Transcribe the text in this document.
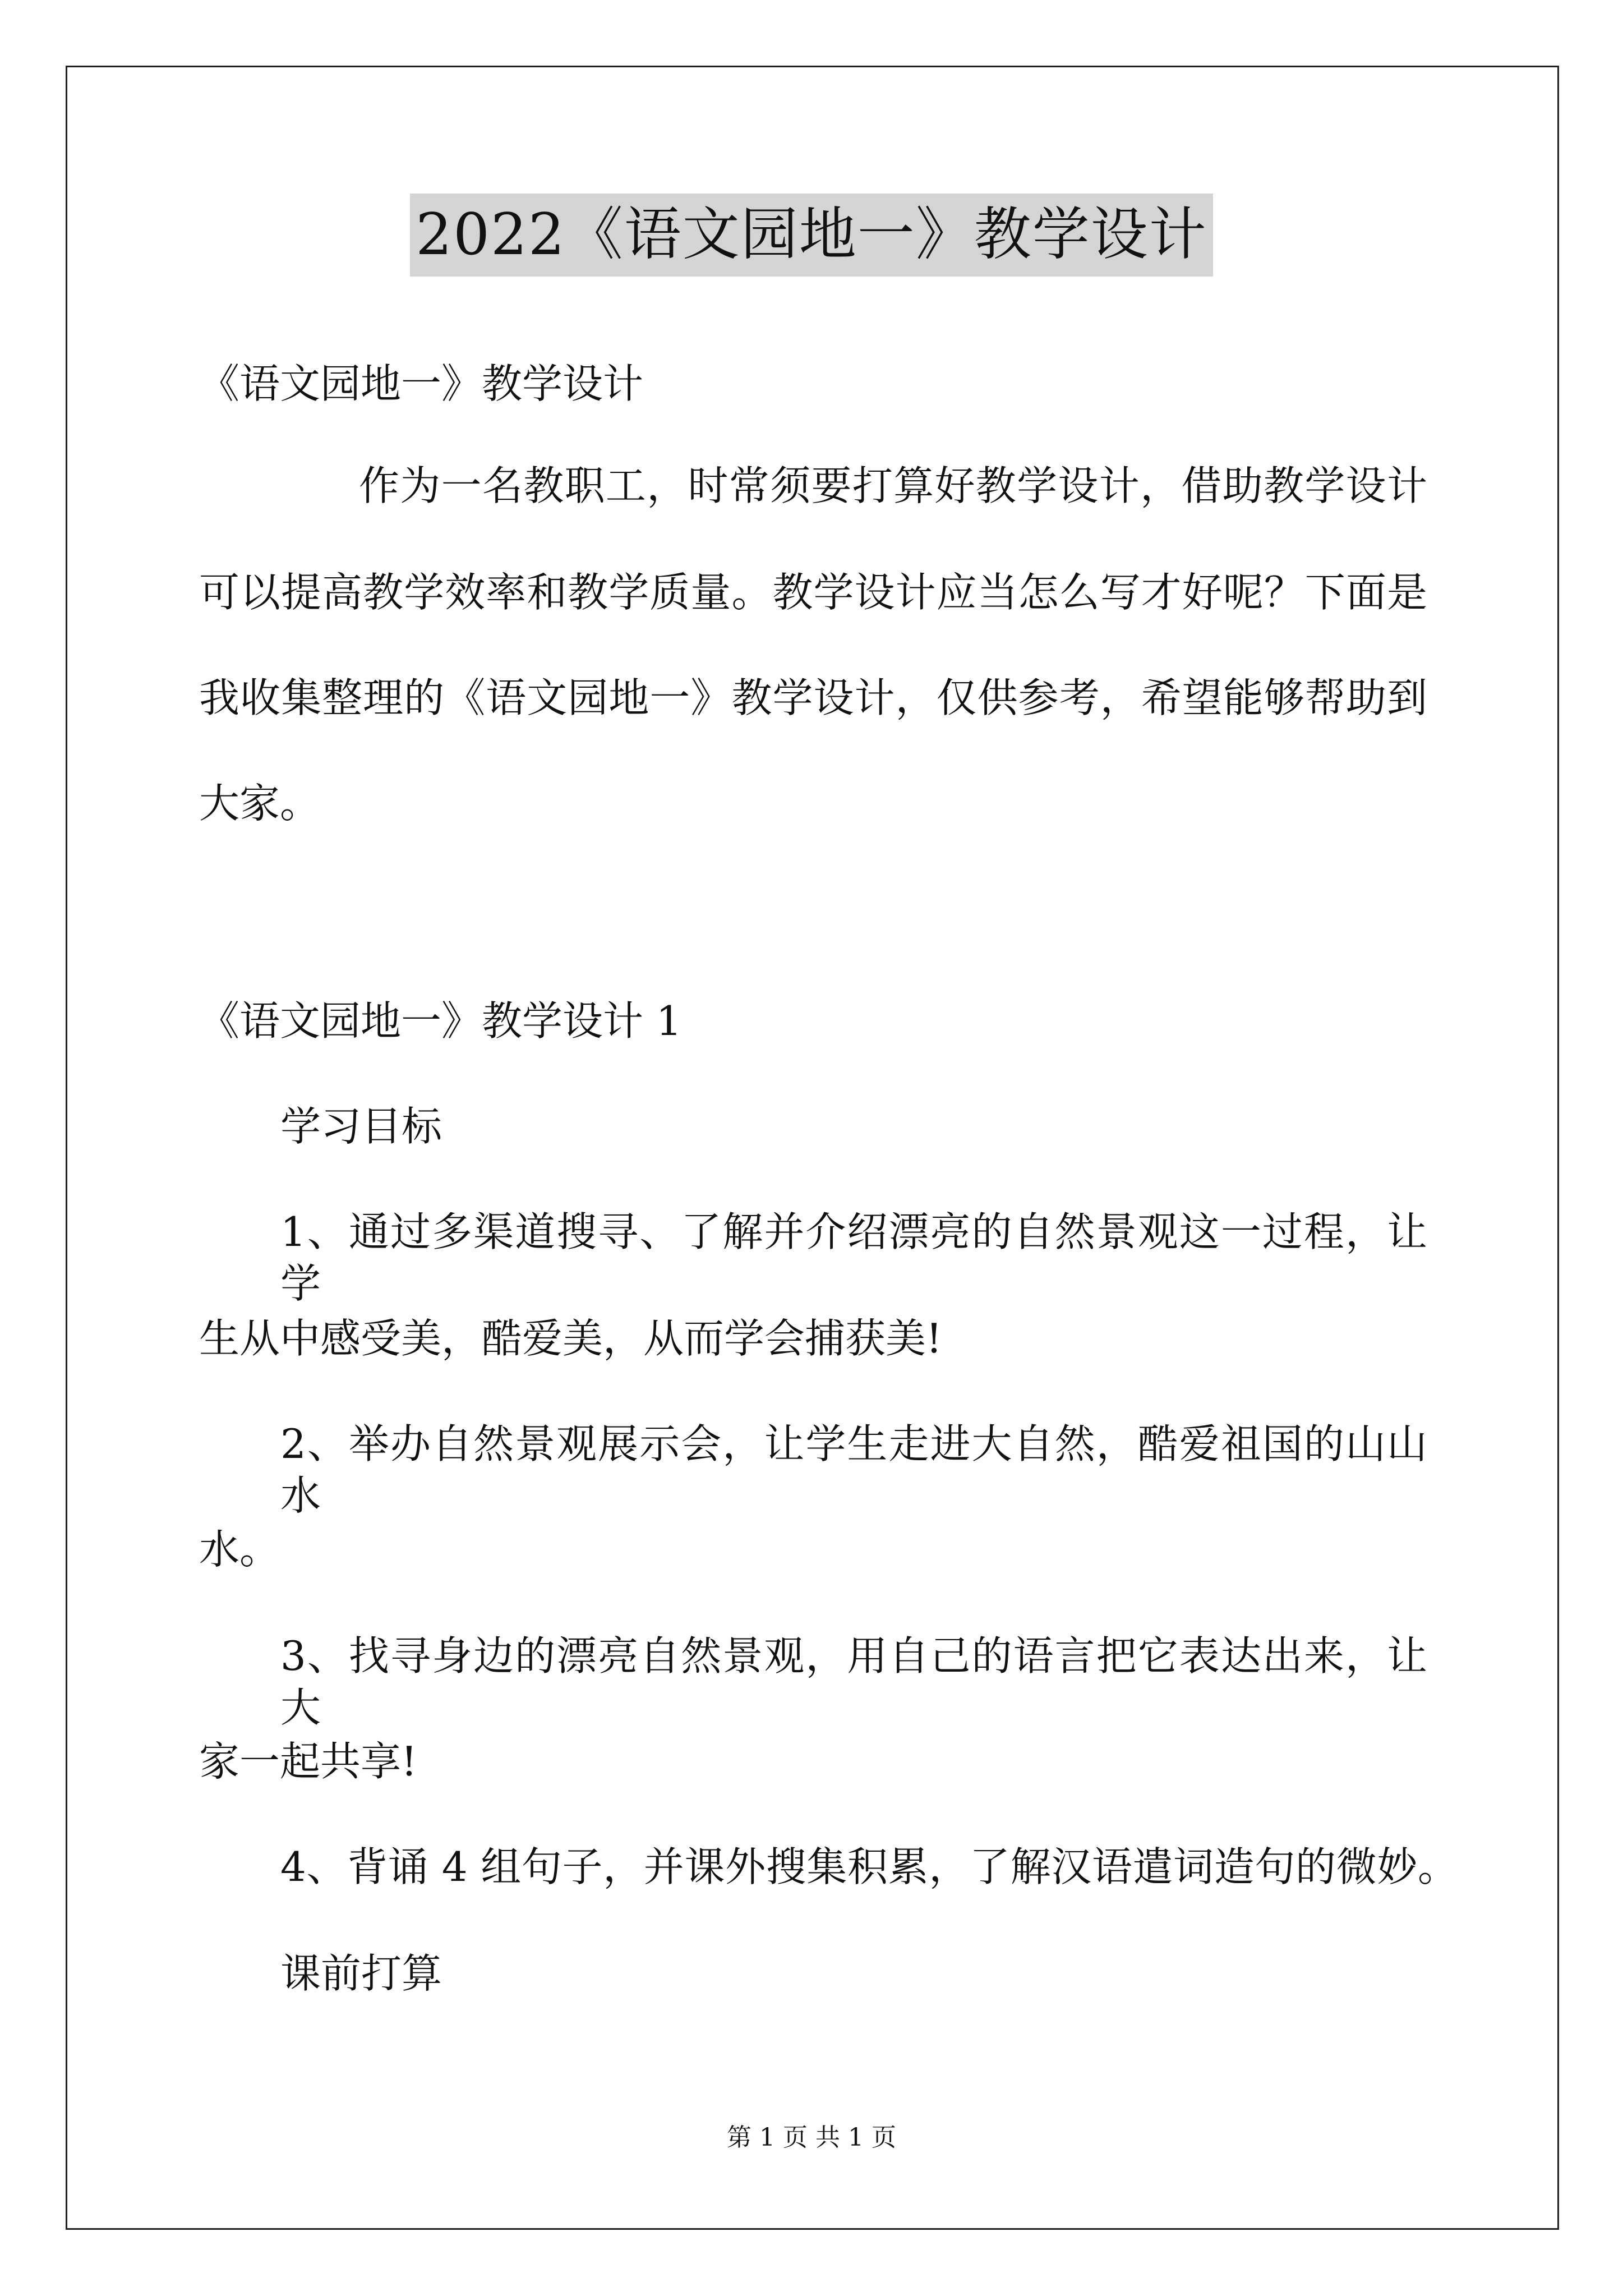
2022《语文园地一》教学设计
《语文园地一》教学设计
作为一名教职工，时常须要打算好教学设计，借助教学设计
可以提高教学效率和教学质量。教学设计应当怎么写才好呢？下面是
我收集整理的《语文园地一》教学设计，仅供参考，希望能够帮助到
大家。
《语文园地一》教学设计 1
学习目标
1、通过多渠道搜寻、了解并介绍漂亮的自然景观这一过程，让学
生从中感受美，酷爱美，从而学会捕获美!
2、举办自然景观展示会，让学生走进大自然，酷爱祖国的山山水
水。
3、找寻身边的漂亮自然景观，用自己的语言把它表达出来，让大
家一起共享!
4、背诵 4 组句子，并课外搜集积累，了解汉语遣词造句的微妙。
课前打算
第 1 页 共 1 页
